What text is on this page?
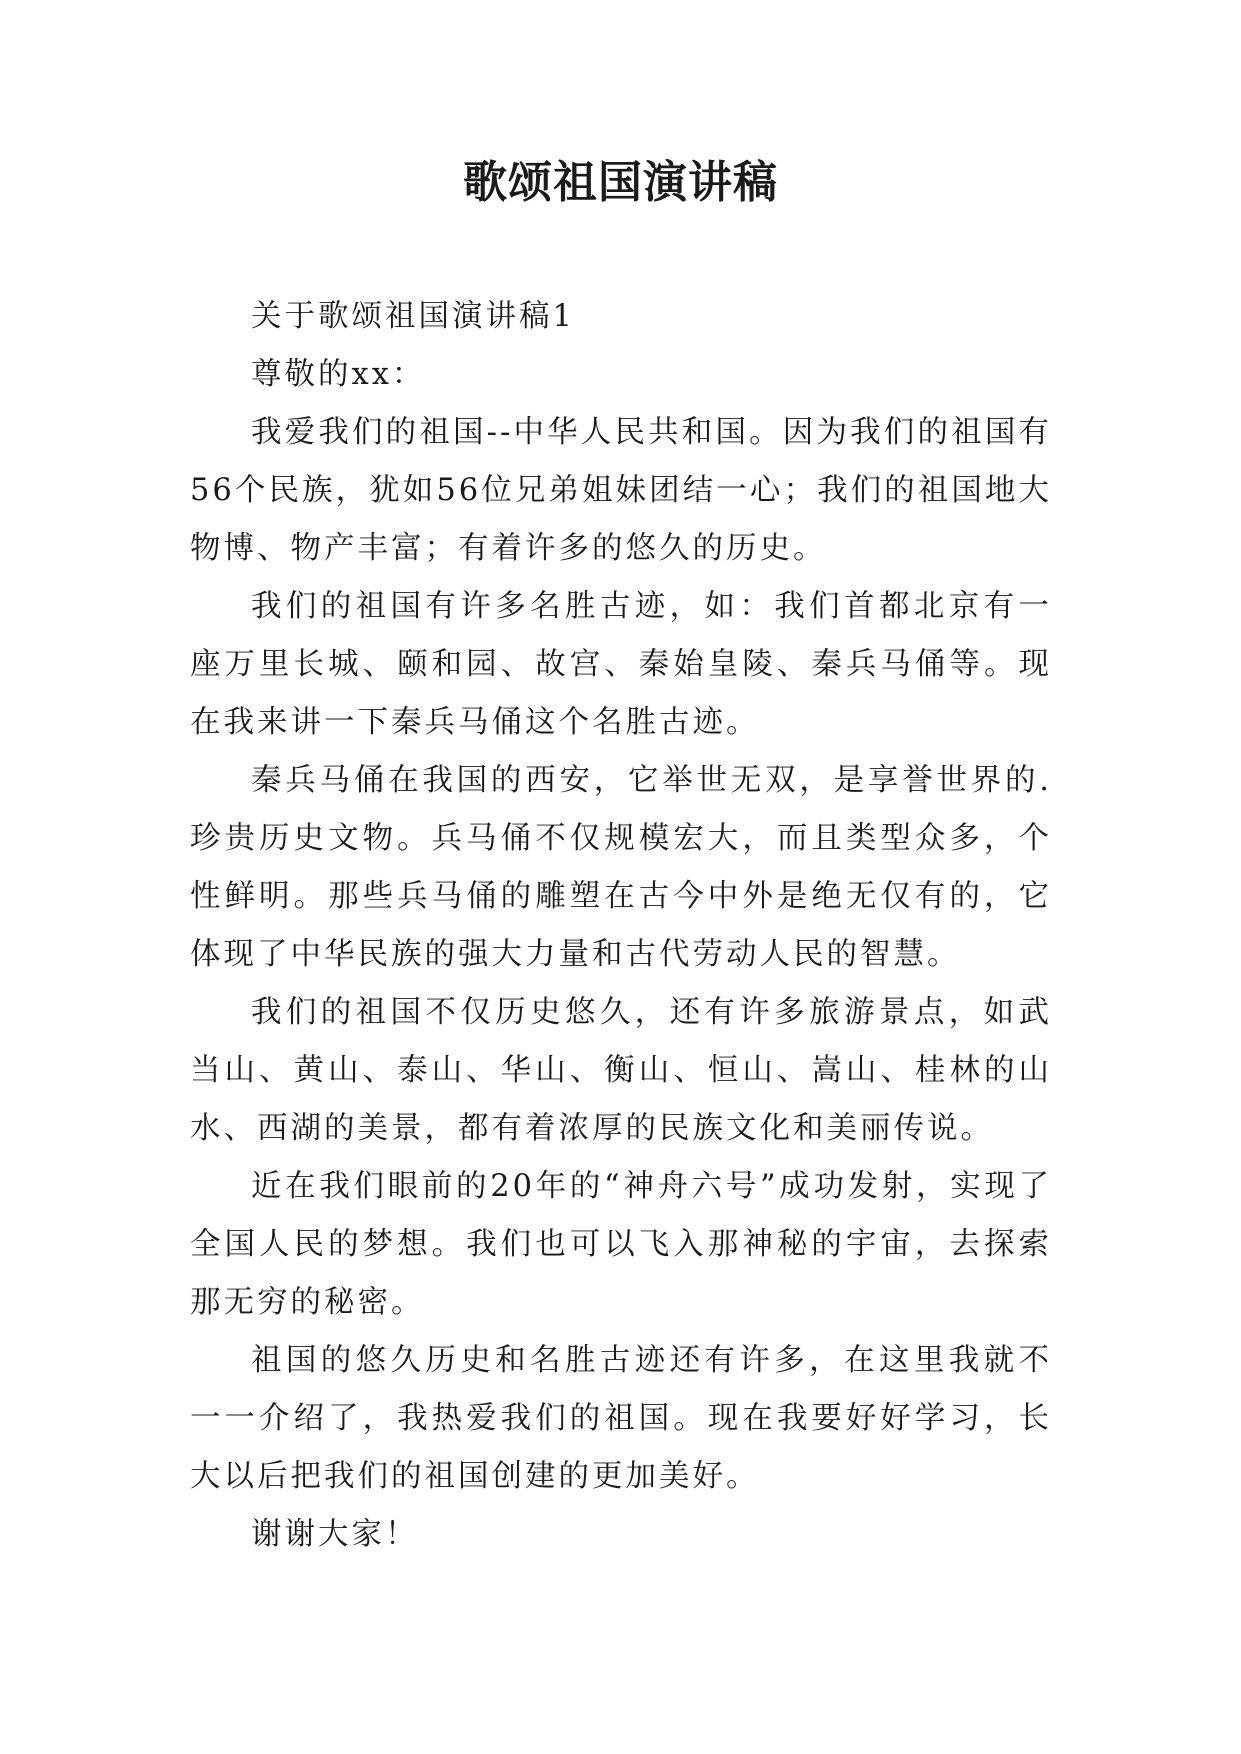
歌颂祖国演讲稿

关于歌颂祖国演讲稿1

尊敬的xx：

我爱我们的祖国--中华人民共和国。因为我们的祖国有56个民族，犹如56位兄弟姐妹团结一心；我们的祖国地大物博、物产丰富；有着许多的悠久的历史。

我们的祖国有许多名胜古迹，如：我们首都北京有一座万里长城、颐和园、故宫、秦始皇陵、秦兵马俑等。现在我来讲一下秦兵马俑这个名胜古迹。

秦兵马俑在我国的西安，它举世无双，是享誉世界的.珍贵历史文物。兵马俑不仅规模宏大，而且类型众多，个性鲜明。那些兵马俑的雕塑在古今中外是绝无仅有的，它体现了中华民族的强大力量和古代劳动人民的智慧。

我们的祖国不仅历史悠久，还有许多旅游景点，如武当山、黄山、泰山、华山、衡山、恒山、嵩山、桂林的山水、西湖的美景，都有着浓厚的民族文化和美丽传说。

近在我们眼前的20年的“神舟六号”成功发射，实现了全国人民的梦想。我们也可以飞入那神秘的宇宙，去探索那无穷的秘密。

祖国的悠久历史和名胜古迹还有许多，在这里我就不一一介绍了，我热爱我们的祖国。现在我要好好学习，长大以后把我们的祖国创建的更加美好。

谢谢大家！
